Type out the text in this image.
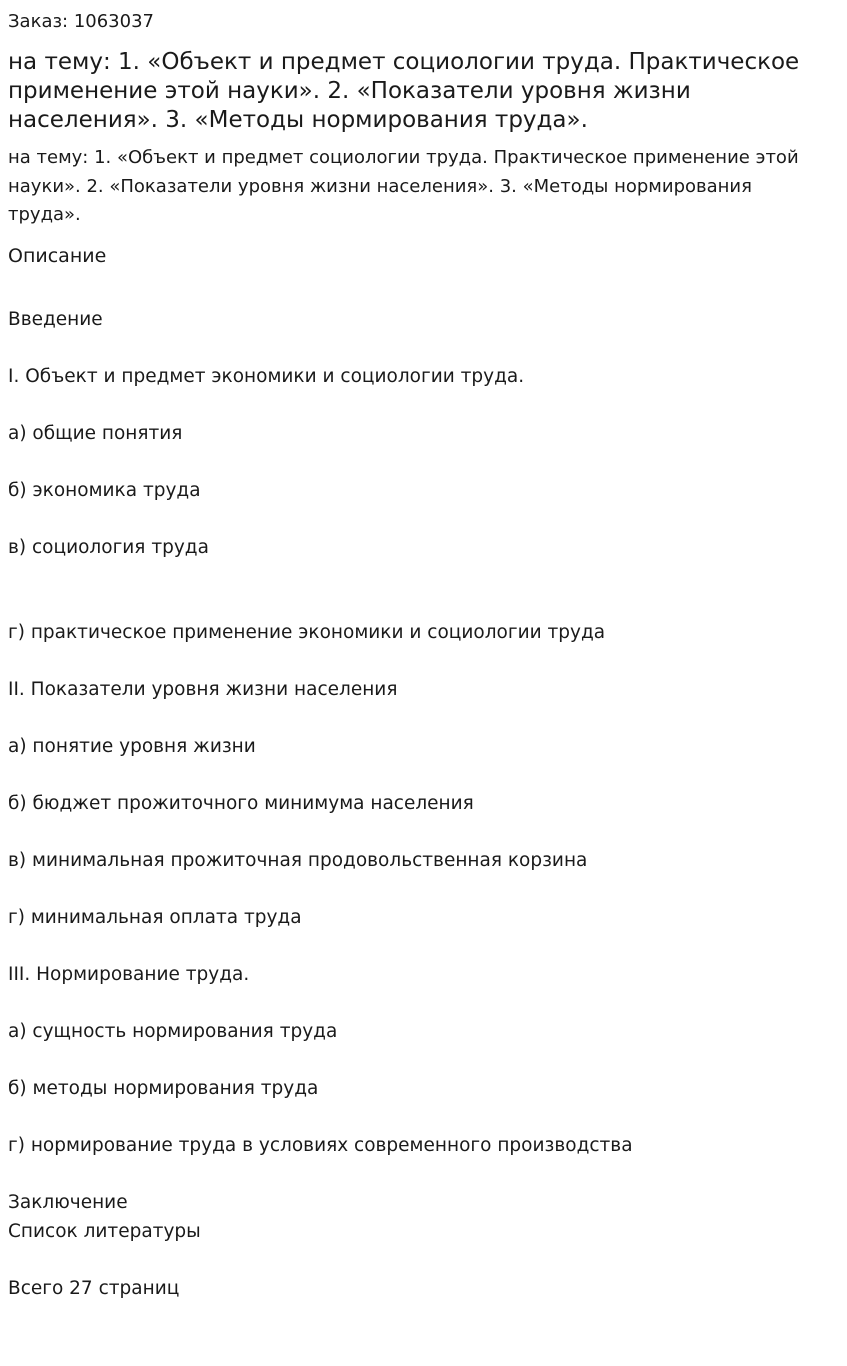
Заказ: 1063037
на тему: 1. «Объект и предмет социологии труда. Практическое применение этой науки». 2. «Показатели уровня жизни населения». 3. «Методы нормирования труда».
на тему: 1. «Объект и предмет социологии труда. Практическое применение этой науки». 2. «Показатели уровня жизни населения». 3. «Методы нормирования труда».
Описание
Введение
I. Объект и предмет экономики и социологии труда.
а) общие понятия
б) экономика труда
в) социология труда
г) практическое применение экономики и социологии труда
II. Показатели уровня жизни населения
а) понятие уровня жизни
б) бюджет прожиточного минимума населения
в) минимальная прожиточная продовольственная корзина
г) минимальная оплата труда
III. Нормирование труда.
а) сущность нормирования труда
б) методы нормирования труда
г) нормирование труда в условиях современного производства
Заключение
Список литературы
Всего 27 страниц
